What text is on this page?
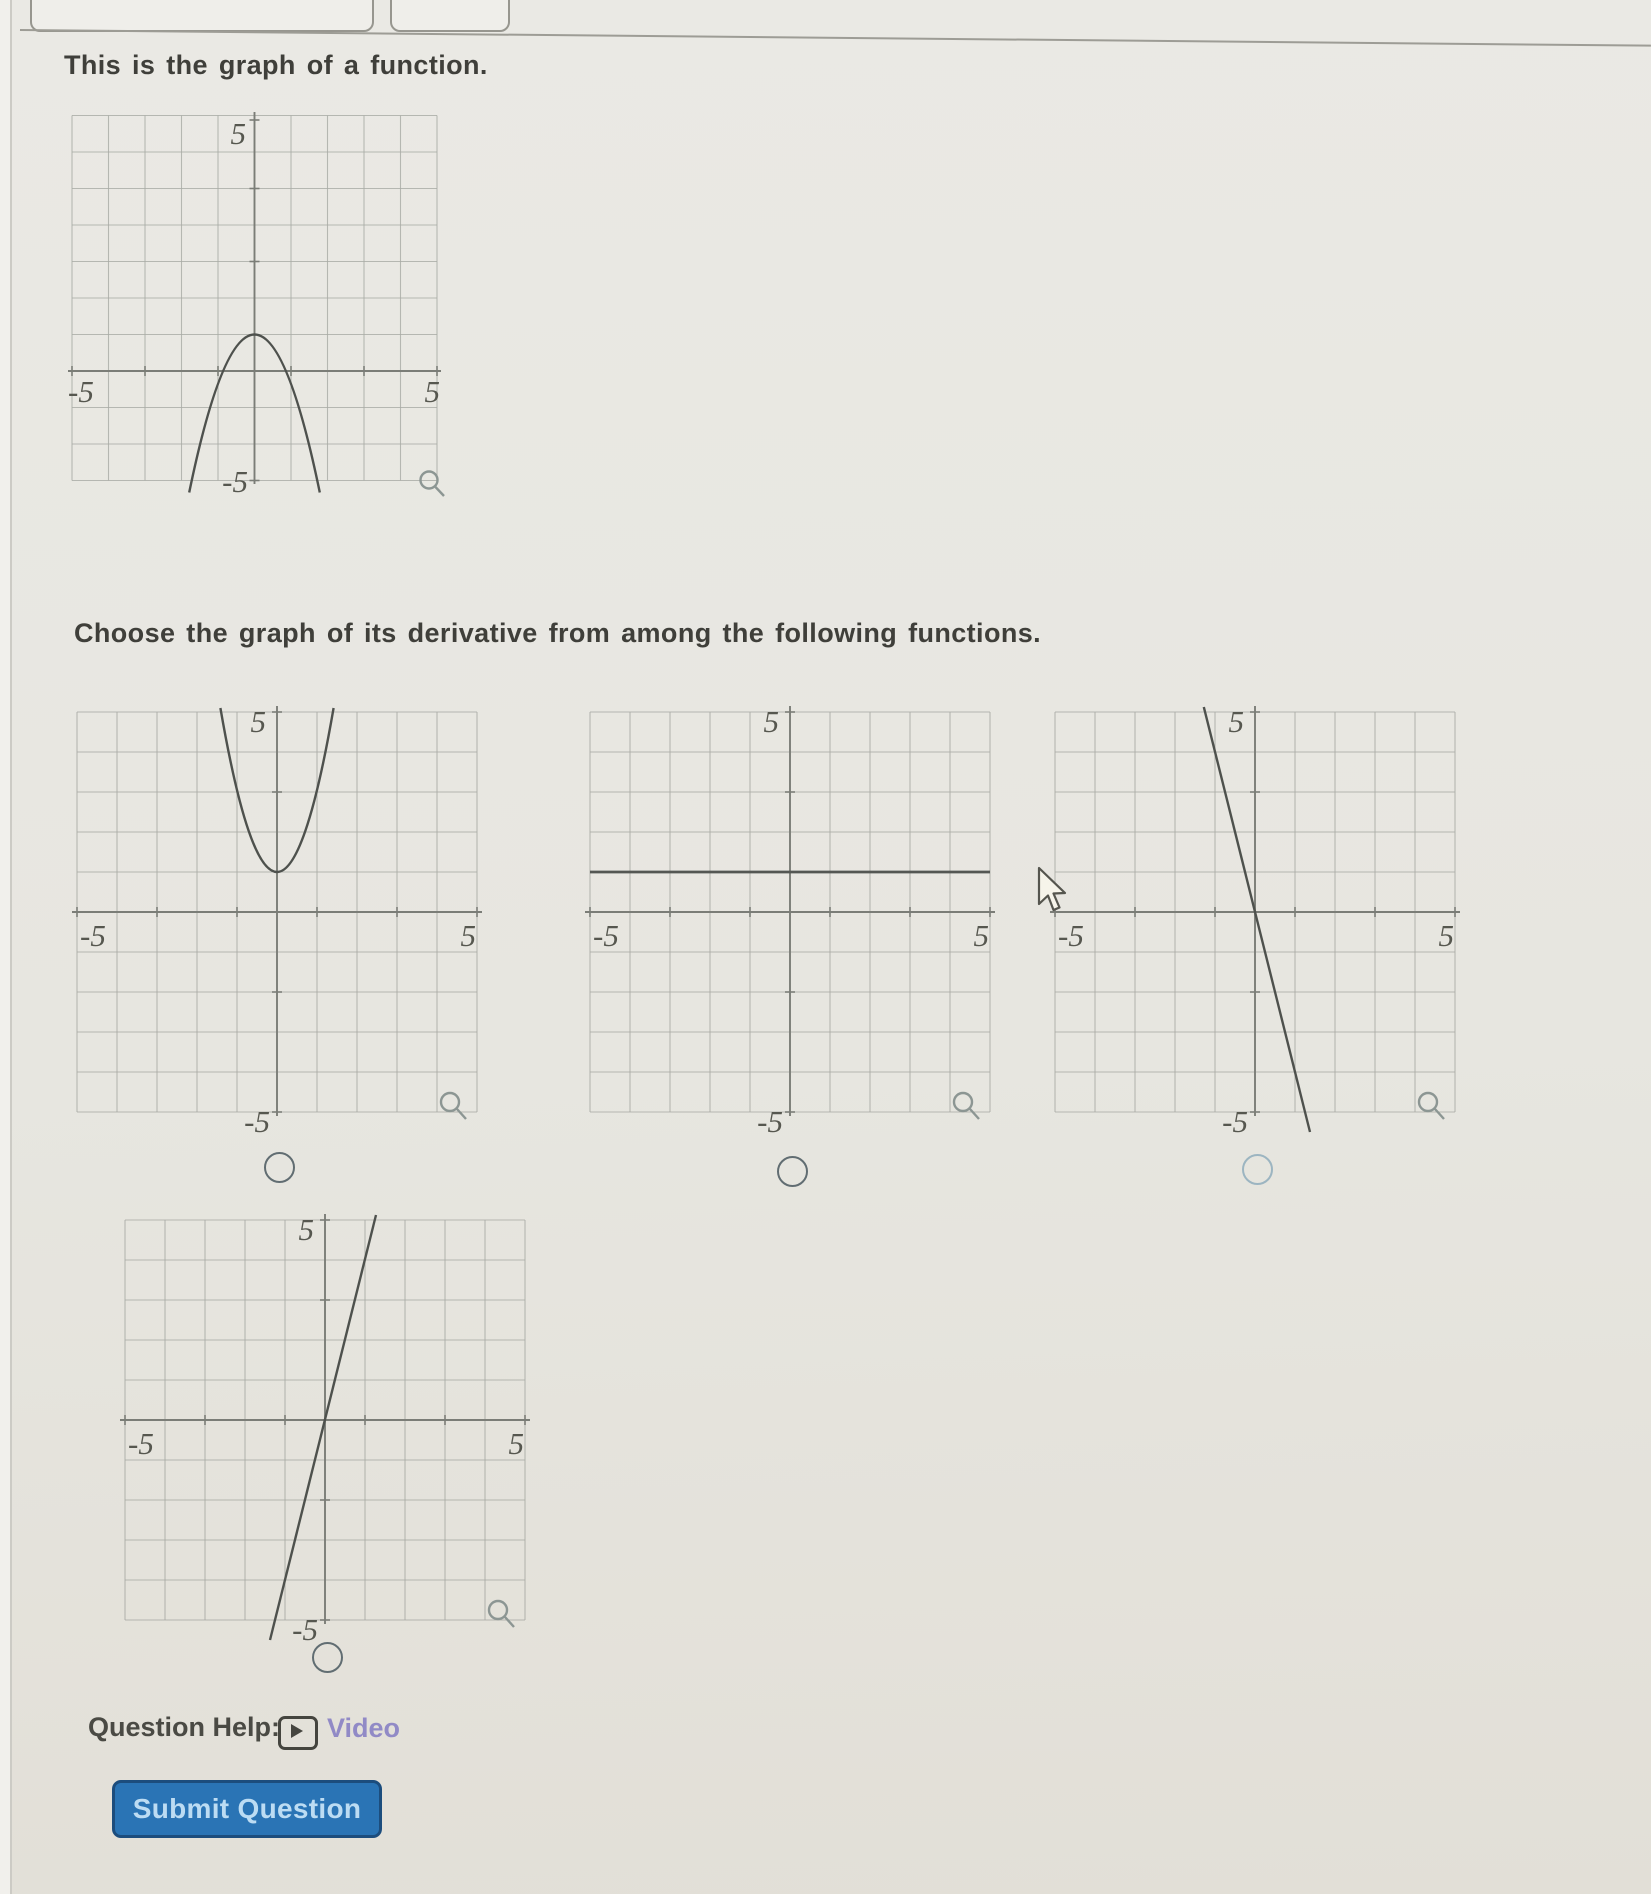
This is the graph of a function.
5
-5	5
-5
Choose the graph of its derivative from among the following functions.
5
-5	5
-5
5
-5	5
-5
5
-5	5
-5
5
-5	5
-5
Question Help: Video
Submit Question
